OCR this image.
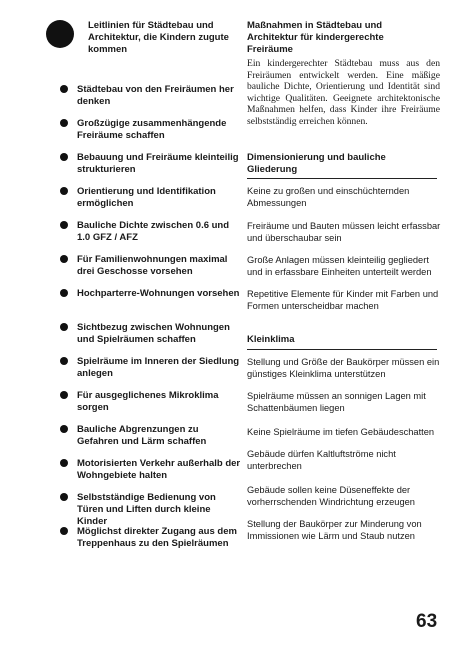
Leitlinien für Städtebau und Architektur, die Kindern zugute kommen
Städtebau von den Freiräumen her denken
Großzügige zusammenhängende Freiräume schaffen
Bebauung und Freiräume kleinteilig strukturieren
Orientierung und Identifikation ermöglichen
Bauliche Dichte zwischen 0.6 und 1.0 GFZ / AFZ
Für Familienwohnungen maximal drei Geschosse vorsehen
Hochparterre-Wohnungen vorsehen
Sichtbezug zwischen Wohnungen und Spielräumen schaffen
Spielräume im Inneren der Siedlung anlegen
Für ausgeglichenes Mikroklima sorgen
Bauliche Abgrenzungen zu Gefahren und Lärm schaffen
Motorisierten Verkehr außerhalb der Wohngebiete halten
Selbstständige Bedienung von Türen und Liften durch kleine Kinder
Möglichst direkter Zugang aus dem Treppenhaus zu den Spielräumen
Maßnahmen in Städtebau und Architektur für kindergerechte Freiräume
Ein kindergerechter Städtebau muss aus den Freiräumen entwickelt werden. Eine mäßige bauliche Dichte, Orientierung und Identität sind wichtige Qualitäten. Geeignete architektonische Maßnahmen helfen, dass Kinder ihre Freiräume selbstständig erreichen können.
Dimensionierung und bauliche Gliederung
Keine zu großen und einschüchternden Abmessungen
Freiräume und Bauten müssen leicht erfassbar und überschaubar sein
Große Anlagen müssen kleinteilig gegliedert und in erfassbare Einheiten unterteilt werden
Repetitive Elemente für Kinder mit Farben und Formen unterscheidbar machen
Kleinklima
Stellung und Größe der Baukörper müssen ein günstiges Kleinklima unterstützen
Spielräume müssen an sonnigen Lagen mit Schattenbäumen liegen
Keine Spielräume im tiefen Gebäudeschatten
Gebäude dürfen Kaltluftströme nicht unterbrechen
Gebäude sollen keine Düseneffekte der vorherrschenden Windrichtung erzeugen
Stellung der Baukörper zur Minderung von Immissionen wie Lärm und Staub nutzen
63
